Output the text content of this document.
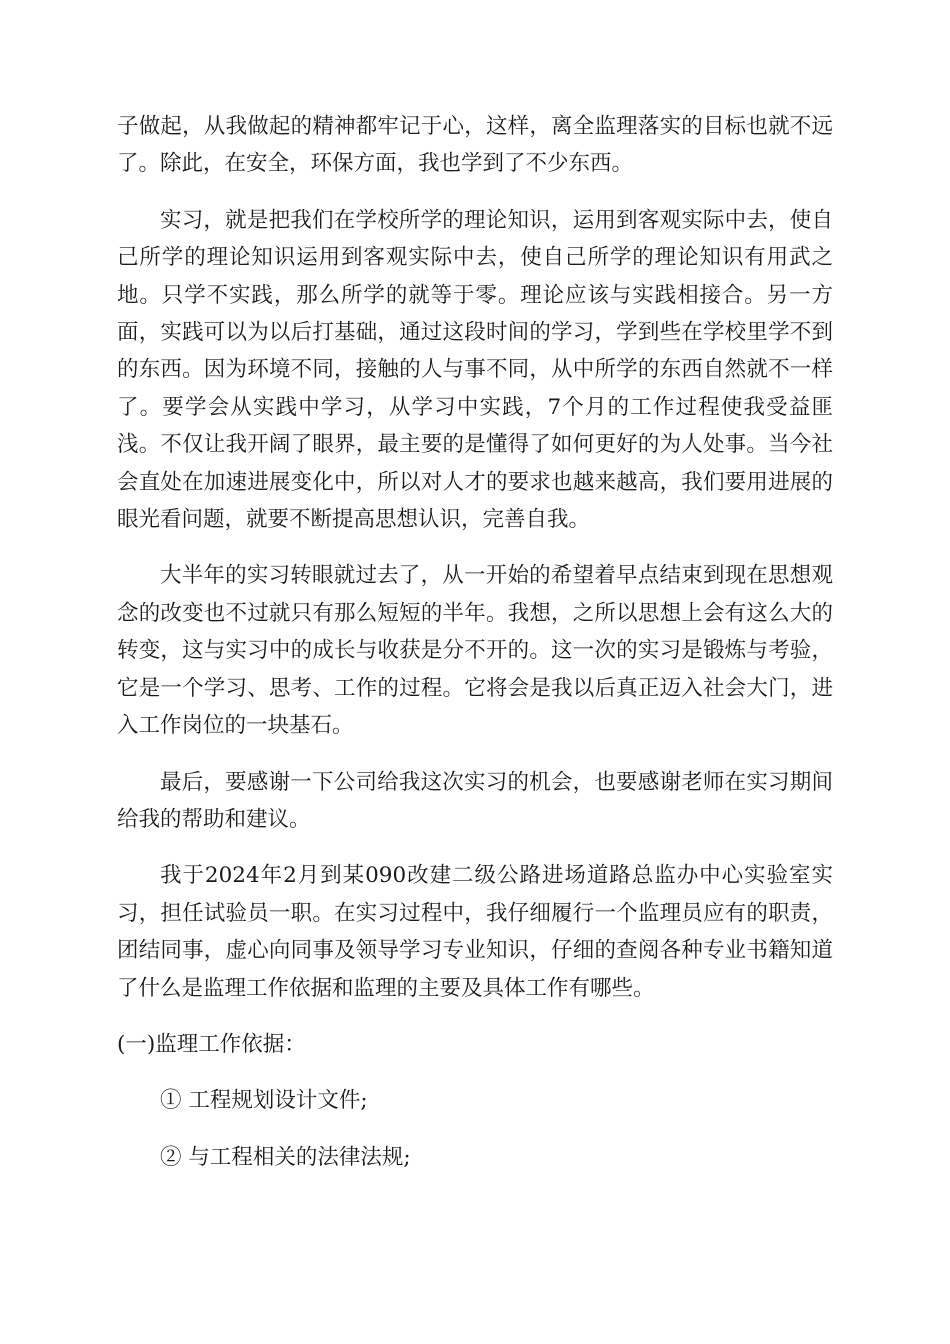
子做起，从我做起的精神都牢记于心，这样，离全监理落实的目标也就不远了。除此，在安全，环保方面，我也学到了不少东西。

实习，就是把我们在学校所学的理论知识，运用到客观实际中去，使自己所学的理论知识运用到客观实际中去，使自己所学的理论知识有用武之地。只学不实践，那么所学的就等于零。理论应该与实践相接合。另一方面，实践可以为以后打基础，通过这段时间的学习，学到些在学校里学不到的东西。因为环境不同，接触的人与事不同，从中所学的东西自然就不一样了。要学会从实践中学习，从学习中实践，7个月的工作过程使我受益匪浅。不仅让我开阔了眼界，最主要的是懂得了如何更好的为人处事。当今社会直处在加速进展变化中，所以对人才的要求也越来越高，我们要用进展的眼光看问题，就要不断提高思想认识，完善自我。

大半年的实习转眼就过去了，从一开始的希望着早点结束到现在思想观念的改变也不过就只有那么短短的半年。我想，之所以思想上会有这么大的转变，这与实习中的成长与收获是分不开的。这一次的实习是锻炼与考验，它是一个学习、思考、工作的过程。它将会是我以后真正迈入社会大门，进入工作岗位的一块基石。

最后，要感谢一下公司给我这次实习的机会，也要感谢老师在实习期间给我的帮助和建议。

我于2024年2月到某090改建二级公路进场道路总监办中心实验室实习，担任试验员一职。在实习过程中，我仔细履行一个监理员应有的职责，团结同事，虚心向同事及领导学习专业知识，仔细的查阅各种专业书籍知道了什么是监理工作依据和监理的主要及具体工作有哪些。

(一)监理工作依据：

① 工程规划设计文件;

② 与工程相关的法律法规;
